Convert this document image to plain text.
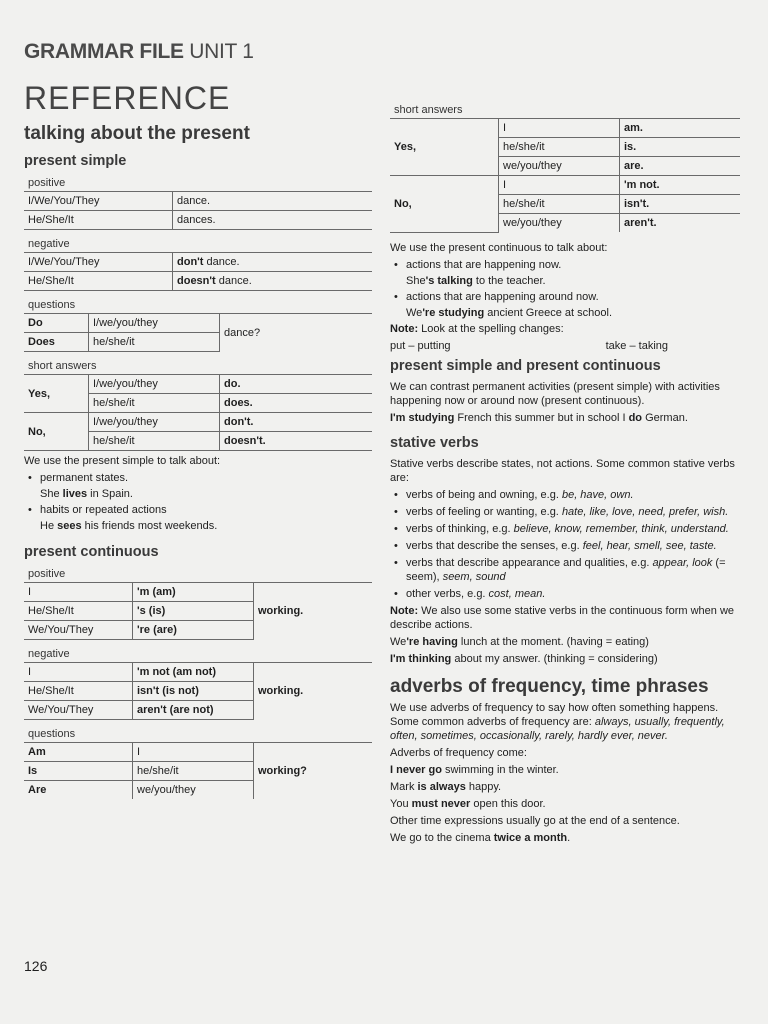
GRAMMAR FILE UNIT 1
REFERENCE
talking about the present
present simple
positive
I/We/You/They	dance.
He/She/It	dances.
negative
I/We/You/They	don't dance.
He/She/It	doesn't dance.
questions
Do	I/we/you/they	dance?
Does	he/she/it	
short answers
Yes,	I/we/you/they	do.
	he/she/it	does.
No,	I/we/you/they	don't.
	he/she/it	doesn't.

We use the present simple to talk about:

• permanent states.
She lives in Spain.
• habits or repeated actions
He sees his friends most weekends.
present continuous
positive
I	'm (am)	working.
He/She/It	's (is)	
We/You/They	're (are)	
negative
I	'm not (am not)	working.
He/She/It	isn't (is not)	
We/You/They	aren't (are not)	
questions
Am	I	working?
Is	he/she/it	
Are	we/you/they	
short answers
Yes,	I	am.
	he/she/it	is.
	we/you/they	are.
No,	I	'm not.
	he/she/it	isn't.
	we/you/they	aren't.

We use the present continuous to talk about:

• actions that are happening now.
She's talking to the teacher.
• actions that are happening around now.
We're studying ancient Greece at school.

Note: Look at the spelling changes:

put – putting	take – taking
present simple and present continuous

We can contrast permanent activities (present simple) with activities happening now or around now (present continuous).

I'm studying French this summer but in school I do German.

stative verbs

Stative verbs describe states, not actions. Some common stative verbs are:

• verbs of being and owning, e.g. be, have, own.
• verbs of feeling or wanting, e.g. hate, like, love, need, prefer, wish.
• verbs of thinking, e.g. believe, know, remember, think, understand.
• verbs that describe the senses, e.g. feel, hear, smell, see, taste.
• verbs that describe appearance and qualities, e.g. appear, look (= seem), seem, sound
• other verbs, e.g. cost, mean.

Note: We also use some stative verbs in the continuous form when we describe actions.

We're having lunch at the moment. (having = eating)

I'm thinking about my answer. (thinking = considering)

adverbs of frequency, time phrases

We use adverbs of frequency to say how often something happens. Some common adverbs of frequency are: always, usually, frequently, often, sometimes, occasionally, rarely, hardly ever, never.

Adverbs of frequency come:

I never go swimming in the winter.

Mark is always happy.

You must never open this door.

Other time expressions usually go at the end of a sentence.

We go to the cinema twice a month.

126
